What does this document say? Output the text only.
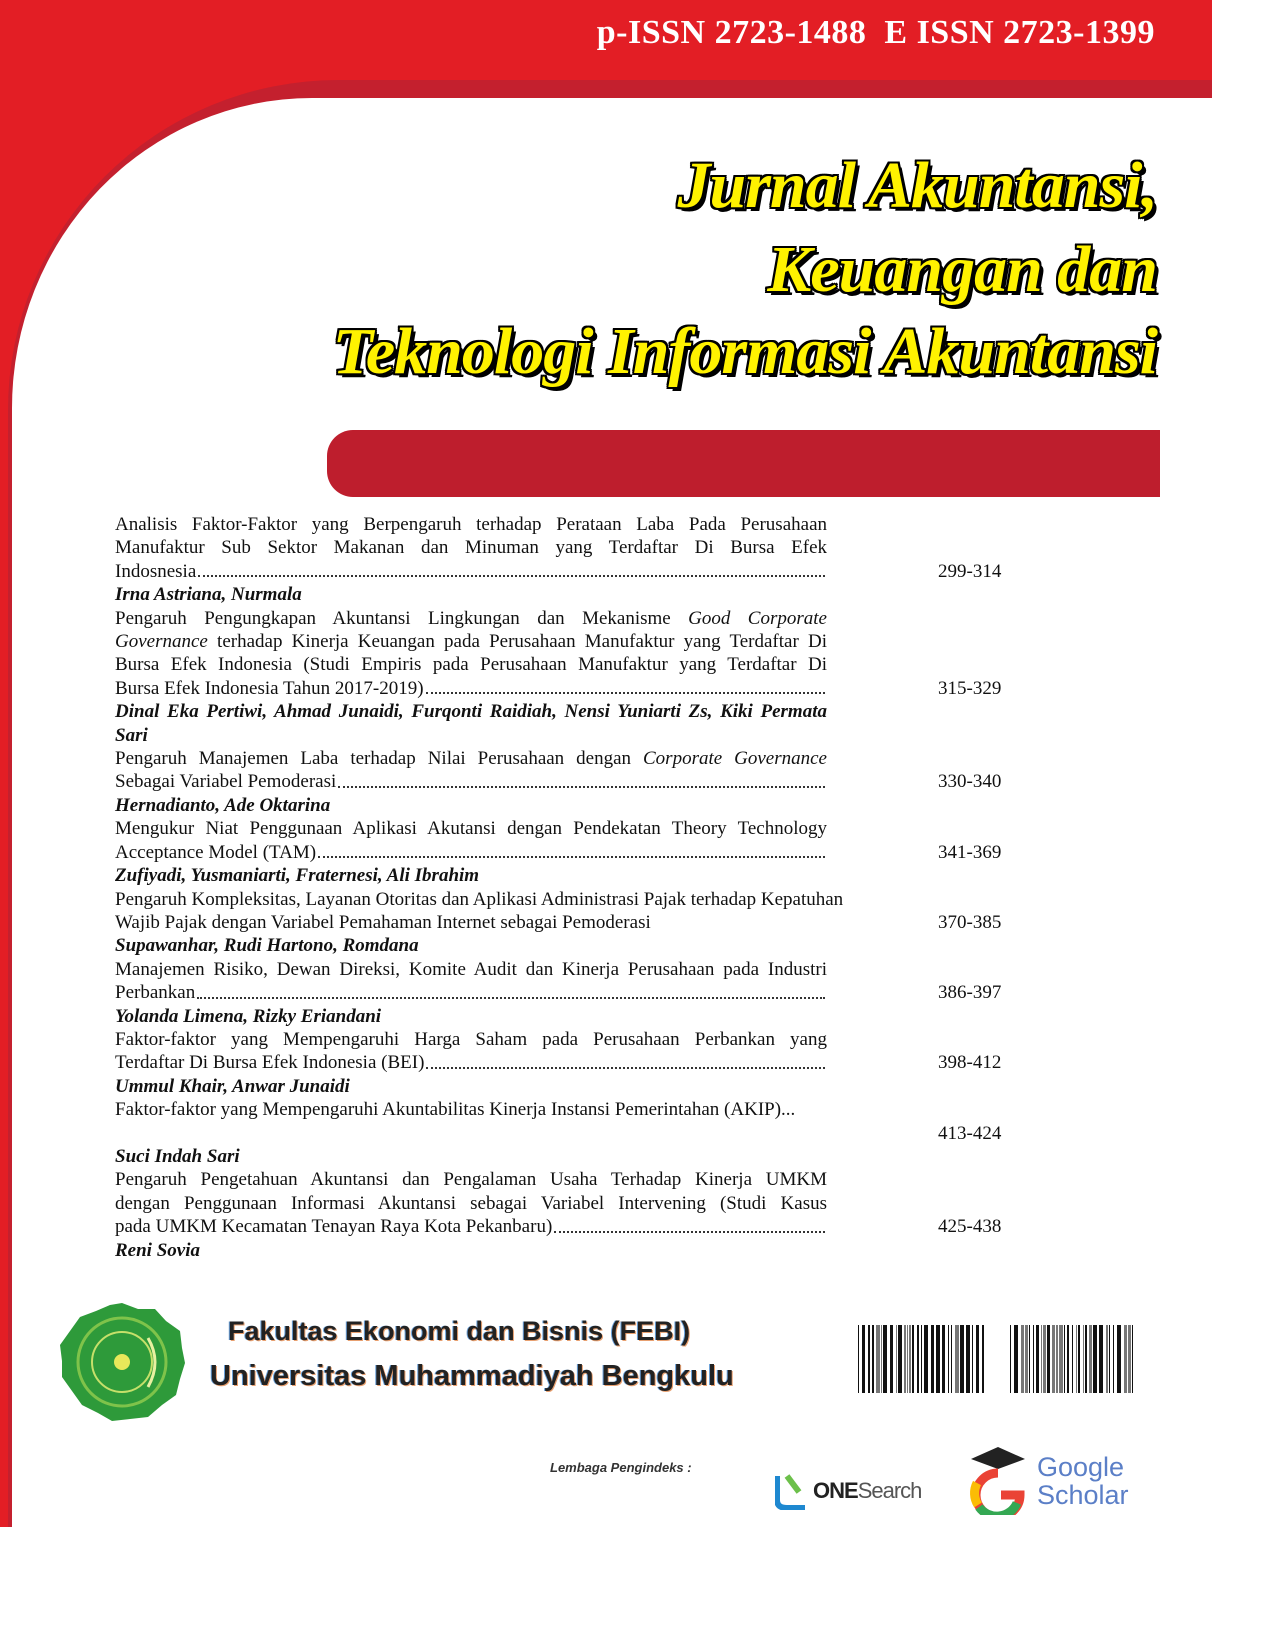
p-ISSN 2723-1488  E ISSN 2723-1399
Jurnal Akuntansi,
Keuangan dan
Teknologi Informasi Akuntansi
Analisis Faktor-Faktor yang Berpengaruh terhadap Perataan Laba Pada Perusahaan
Manufaktur Sub Sektor Makanan dan Minuman yang Terdaftar Di Bursa Efek
Indosnesia	299-314
Irna Astriana, Nurmala
Pengaruh Pengungkapan Akuntansi Lingkungan dan Mekanisme Good Corporate
Governance terhadap Kinerja Keuangan pada Perusahaan Manufaktur yang Terdaftar Di
Bursa Efek Indonesia (Studi Empiris pada Perusahaan Manufaktur yang Terdaftar Di
Bursa Efek Indonesia Tahun 2017-2019)	315-329
Dinal Eka Pertiwi, Ahmad Junaidi, Furqonti Raidiah, Nensi Yuniarti Zs, Kiki Permata Sari
Pengaruh Manajemen Laba terhadap Nilai Perusahaan dengan Corporate Governance
Sebagai Variabel Pemoderasi	330-340
Hernadianto, Ade Oktarina
Mengukur Niat Penggunaan Aplikasi Akutansi dengan Pendekatan Theory Technology
Acceptance Model (TAM)	341-369
Zufiyadi, Yusmaniarti, Fraternesi, Ali Ibrahim
Pengaruh Kompleksitas, Layanan Otoritas dan Aplikasi Administrasi Pajak terhadap Kepatuhan
Wajib Pajak dengan Variabel Pemahaman Internet sebagai Pemoderasi	370-385
Supawanhar, Rudi Hartono, Romdana
Manajemen Risiko, Dewan Direksi, Komite Audit dan Kinerja Perusahaan pada Industri
Perbankan	386-397
Yolanda Limena, Rizky Eriandani
Faktor-faktor yang Mempengaruhi Harga Saham pada Perusahaan Perbankan yang
Terdaftar Di Bursa Efek Indonesia (BEI)	398-412
Ummul Khair, Anwar Junaidi
Faktor-faktor yang Mempengaruhi Akuntabilitas Kinerja Instansi Pemerintahan (AKIP)...
413-424
Suci Indah Sari
Pengaruh Pengetahuan Akuntansi dan Pengalaman Usaha Terhadap Kinerja UMKM
dengan Penggunaan Informasi Akuntansi sebagai Variabel Intervening (Studi Kasus
pada UMKM Kecamatan Tenayan Raya Kota Pekanbaru)	425-438
Reni Sovia
Fakultas Ekonomi dan Bisnis (FEBI)
Universitas Muhammadiyah Bengkulu
Lembaga Pengindeks :
ONESearch
Google
Scholar
